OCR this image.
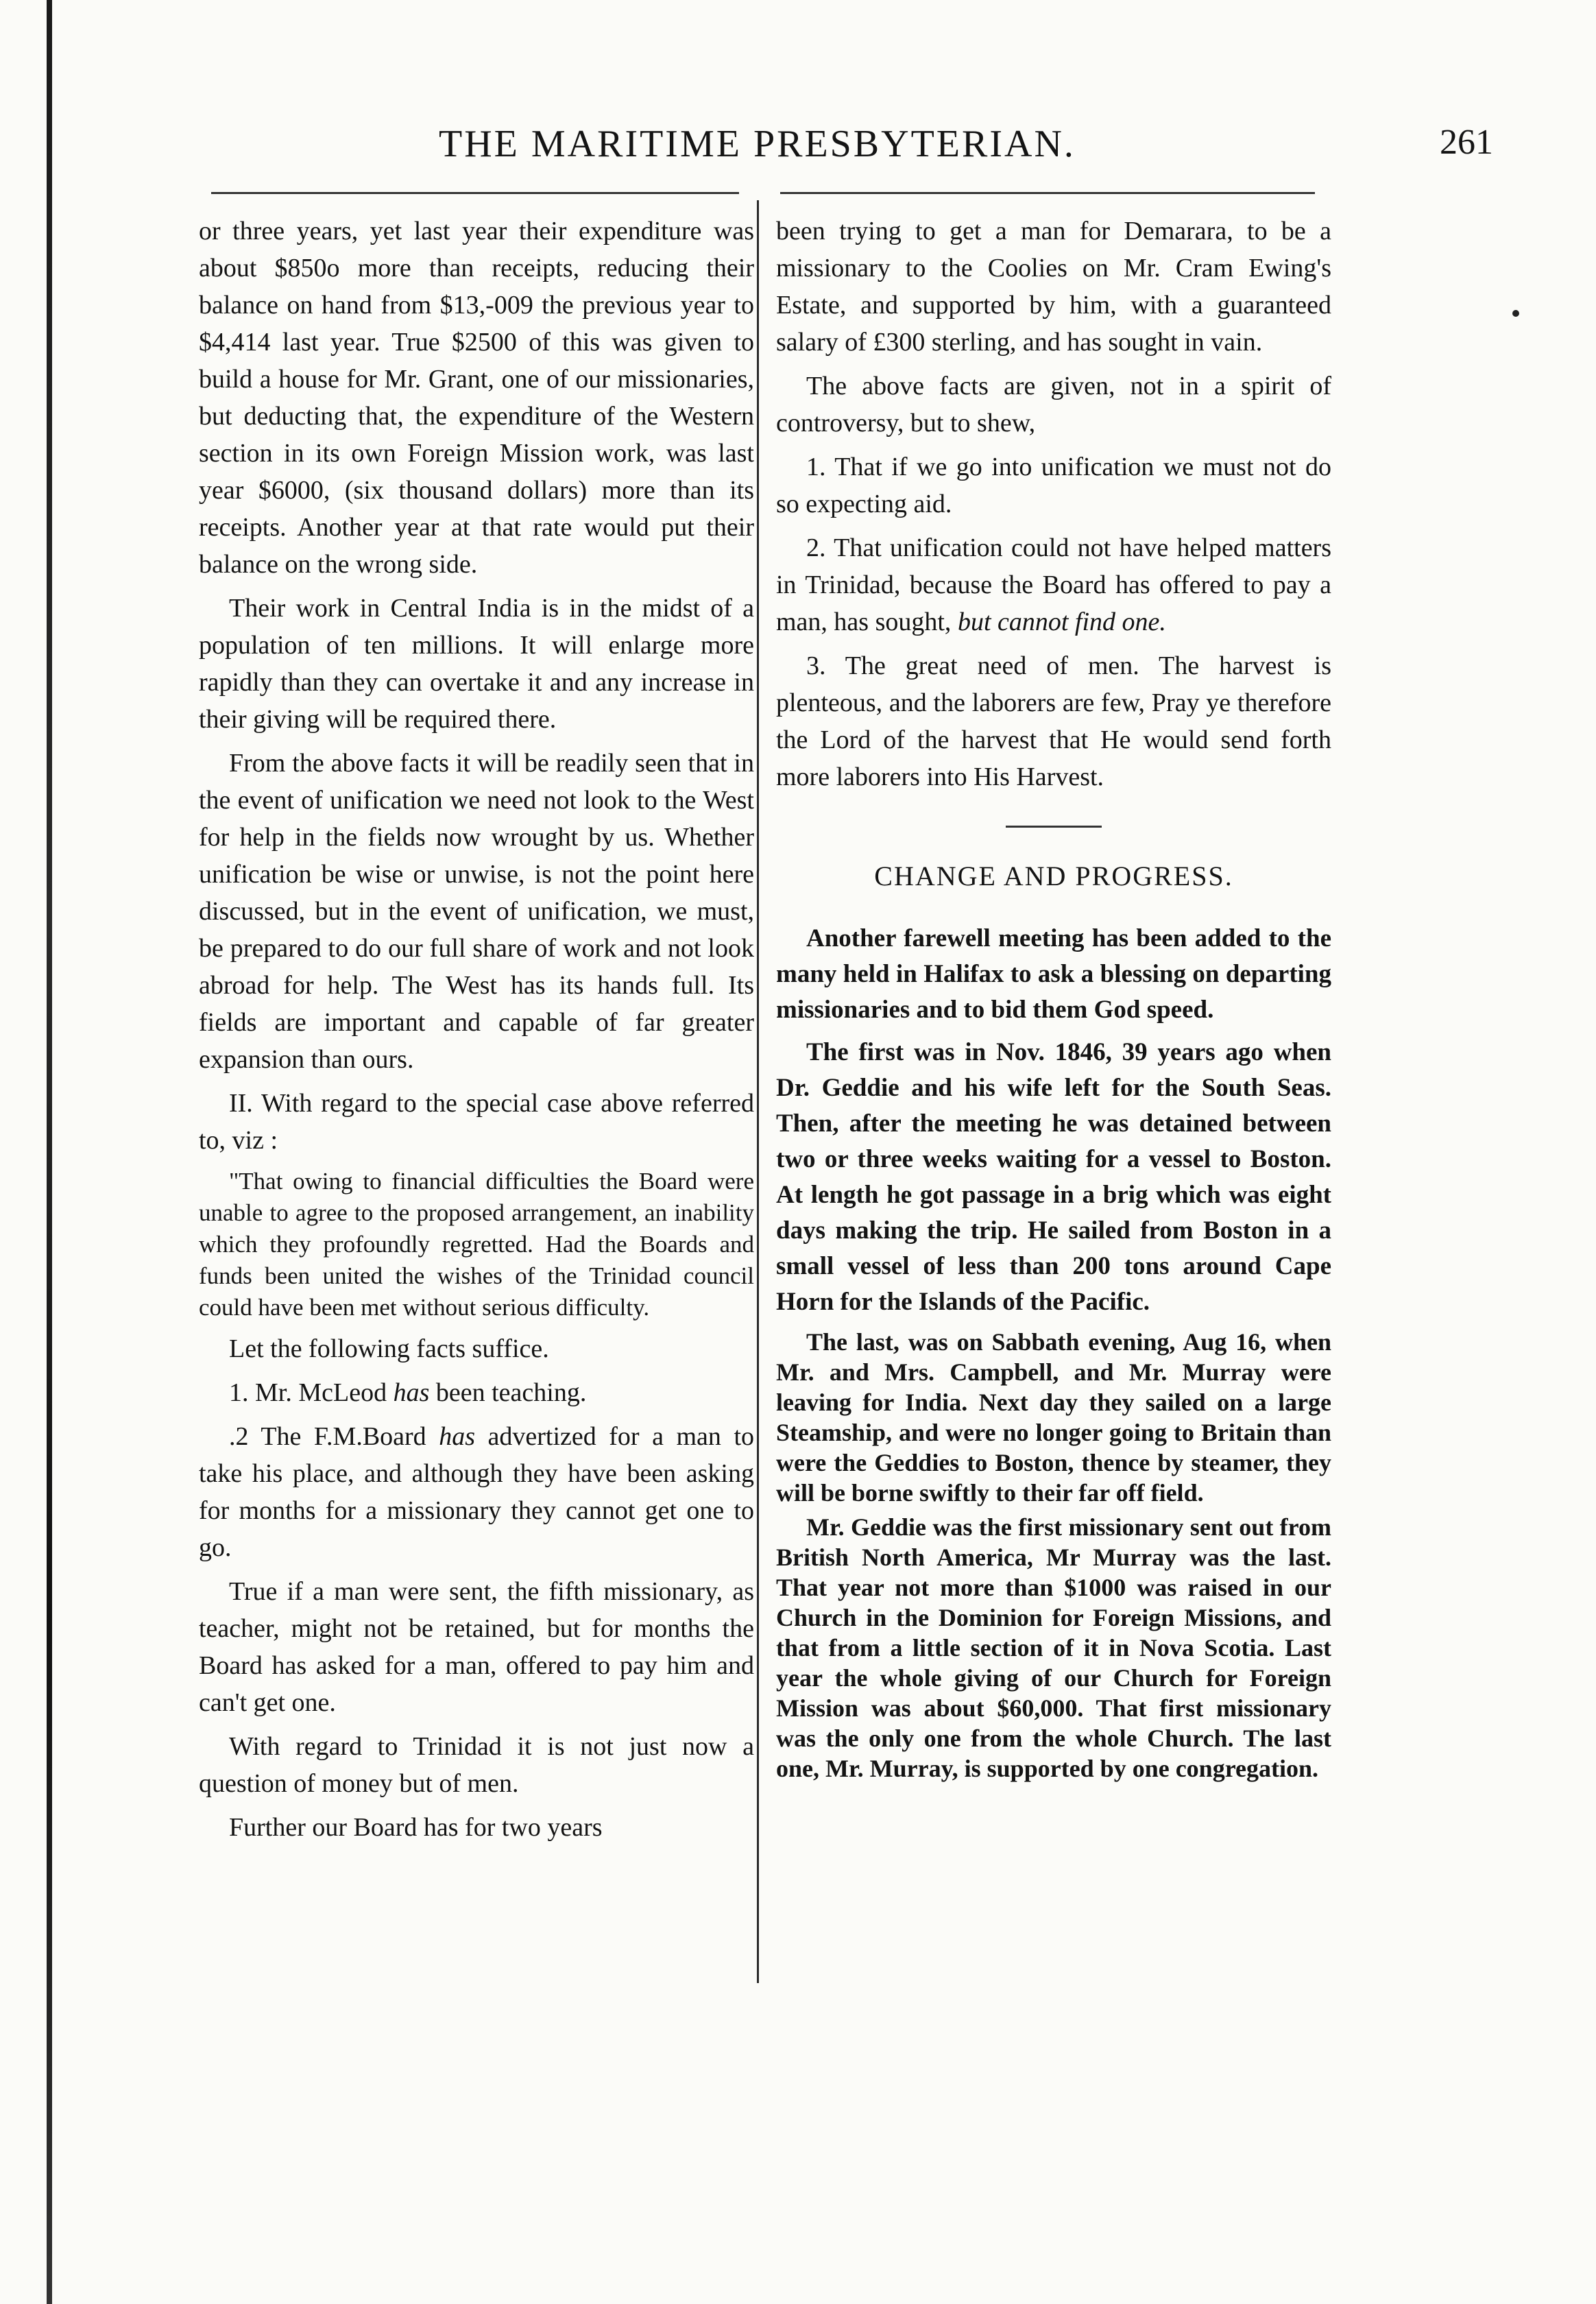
THE MARITIME PRESBYTERIAN.	261

or three years, yet last year their expenditure was about $850o more than receipts, reducing their balance on hand from $13,-009 the previous year to $4,414 last year. True $2500 of this was given to build a house for Mr. Grant, one of our missionaries, but deducting that, the expenditure of the Western section in its own Foreign Mission work, was last year $6000, (six thousand dollars) more than its receipts. Another year at that rate would put their balance on the wrong side.

Their work in Central India is in the midst of a population of ten millions. It will enlarge more rapidly than they can overtake it and any increase in their giving will be required there.

From the above facts it will be readily seen that in the event of unification we need not look to the West for help in the fields now wrought by us. Whether unification be wise or unwise, is not the point here discussed, but in the event of unification, we must, be prepared to do our full share of work and not look abroad for help. The West has its hands full. Its fields are important and capable of far greater expansion than ours.

II. With regard to the special case above referred to, viz :

"That owing to financial difficulties the Board were unable to agree to the proposed arrangement, an inability which they profoundly regretted. Had the Boards and funds been united the wishes of the Trinidad council could have been met without serious difficulty.

Let the following facts suffice.

1. Mr. McLeod has been teaching.

.2 The F.M.Board has advertized for a man to take his place, and although they have been asking for months for a missionary they cannot get one to go.

True if a man were sent, the fifth missionary, as teacher, might not be retained, but for months the Board has asked for a man, offered to pay him and can't get one.

With regard to Trinidad it is not just now a question of money but of men.

Further our Board has for two years

been trying to get a man for Demarara, to be a missionary to the Coolies on Mr. Cram Ewing's Estate, and supported by him, with a guaranteed salary of £300 sterling, and has sought in vain.

The above facts are given, not in a spirit of controversy, but to shew,

1. That if we go into unification we must not do so expecting aid.

2. That unification could not have helped matters in Trinidad, because the Board has offered to pay a man, has sought, but cannot find one.

3. The great need of men. The harvest is plenteous, and the laborers are few, Pray ye therefore the Lord of the harvest that He would send forth more laborers into His Harvest.

CHANGE AND PROGRESS.

Another farewell meeting has been added to the many held in Halifax to ask a blessing on departing missionaries and to bid them God speed.

The first was in Nov. 1846, 39 years ago when Dr. Geddie and his wife left for the South Seas. Then, after the meeting he was detained between two or three weeks waiting for a vessel to Boston. At length he got passage in a brig which was eight days making the trip. He sailed from Boston in a small vessel of less than 200 tons around Cape Horn for the Islands of the Pacific.

The last, was on Sabbath evening, Aug 16, when Mr. and Mrs. Campbell, and Mr. Murray were leaving for India. Next day they sailed on a large Steamship, and were no longer going to Britain than were the Geddies to Boston, thence by steamer, they will be borne swiftly to their far off field.

Mr. Geddie was the first missionary sent out from British North America, Mr Murray was the last. That year not more than $1000 was raised in our Church in the Dominion for Foreign Missions, and that from a little section of it in Nova Scotia. Last year the whole giving of our Church for Foreign Mission was about $60,000. That first missionary was the only one from the whole Church. The last one, Mr. Murray, is supported by one congregation.
